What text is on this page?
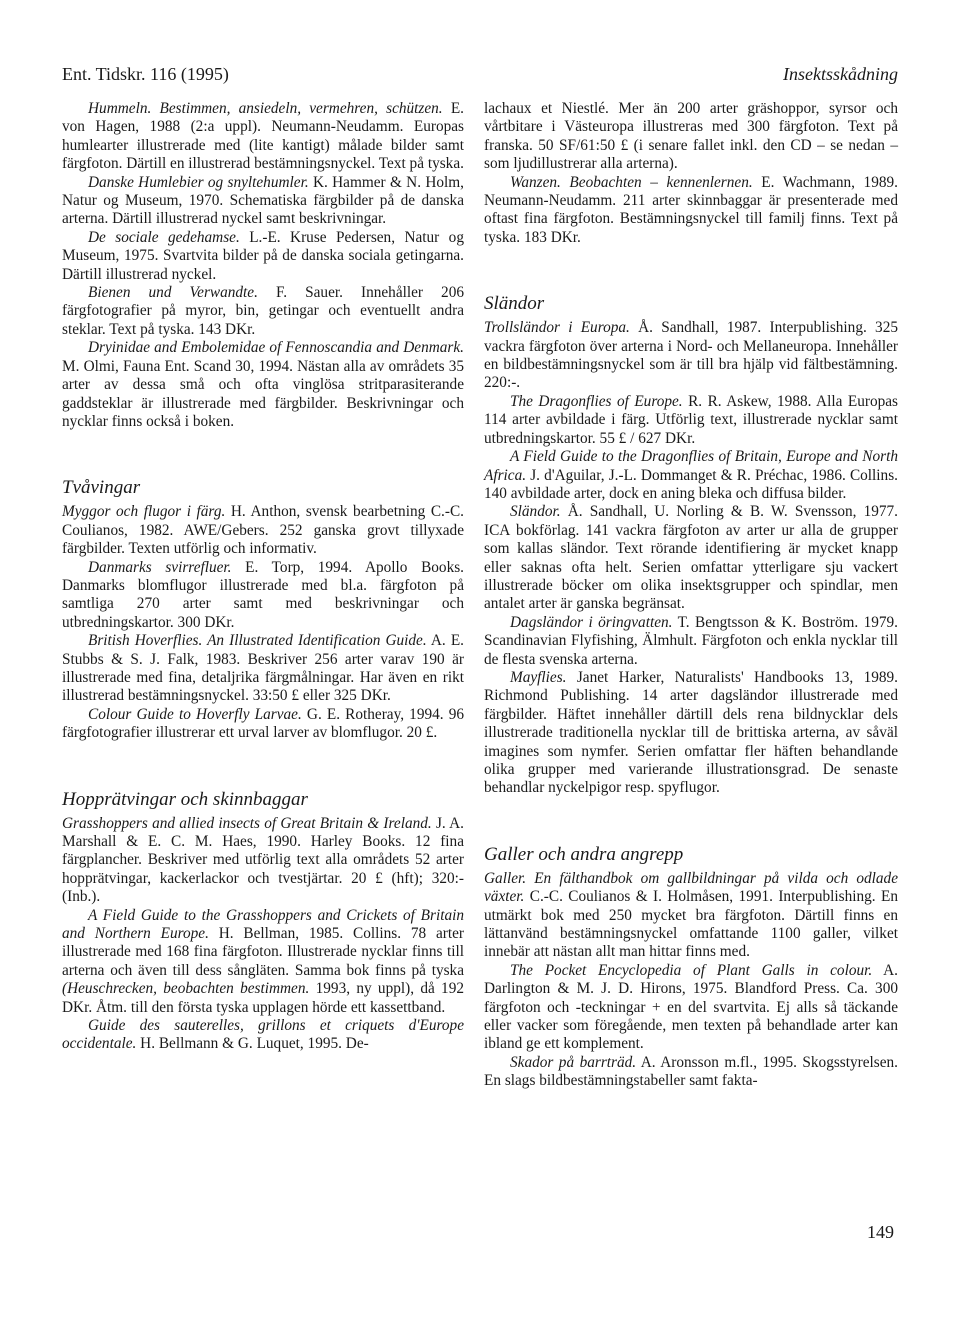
Ent. Tidskr. 116 (1995)	Insektsskådning

Hummeln. Bestimmen, ansiedeln, vermehren, schützen. E. von Hagen, 1988 (2:a uppl). Neumann-Neudamm. Europas humlearter illustrerade med (lite kantigt) målade bilder samt färgfoton. Därtill en illustrerad bestämningsnyckel. Text på tyska.

Danske Humlebier og snyltehumler. K. Hammer & N. Holm, Natur og Museum, 1970. Schematiska färgbilder på de danska arterna. Därtill illustrerad nyckel samt beskrivningar.

De sociale gedehamse. L.-E. Kruse Pedersen, Natur og Museum, 1975. Svartvita bilder på de danska sociala getingarna. Därtill illustrerad nyckel.

Bienen und Verwandte. F. Sauer. Innehåller 206 färgfotografier på myror, bin, getingar och eventuellt andra steklar. Text på tyska. 143 DKr.

Dryinidae and Embolemidae of Fennoscandia and Denmark. M. Olmi, Fauna Ent. Scand 30, 1994. Nästan alla av områdets 35 arter av dessa små och ofta vinglösa stritparasiterande gaddsteklar är illustrerade med färgbilder. Beskrivningar och nycklar finns också i boken.

Tvåvingar

Myggor och flugor i färg. H. Anthon, svensk bearbetning C.-C. Coulianos, 1982. AWE/Gebers. 252 ganska grovt tillyxade färgbilder. Texten utförlig och informativ.

Danmarks svirrefluer. E. Torp, 1994. Apollo Books. Danmarks blomflugor illustrerade med bl.a. färgfoton på samtliga 270 arter samt med beskrivningar och utbredningskartor. 300 DKr.

British Hoverflies. An Illustrated Identification Guide. A. E. Stubbs & S. J. Falk, 1983. Beskriver 256 arter varav 190 är illustrerade med fina, detaljrika färgmålningar. Har även en rikt illustrerad bestämningsnyckel. 33:50 £ eller 325 DKr.

Colour Guide to Hoverfly Larvae. G. E. Rotheray, 1994. 96 färgfotografier illustrerar ett urval larver av blomflugor. 20 £.

Hopprätvingar och skinnbaggar

Grasshoppers and allied insects of Great Britain & Ireland. J. A. Marshall & E. C. M. Haes, 1990. Harley Books. 12 fina färgplancher. Beskriver med utförlig text alla områdets 52 arter hopprätvingar, kackerlackor och tvestjärtar. 20 £ (hft); 320:- (Inb.).

A Field Guide to the Grasshoppers and Crickets of Britain and Northern Europe. H. Bellman, 1985. Collins. 78 arter illustrerade med 168 fina färgfoton. Illustrerade nycklar finns till arterna och även till dess sångläten. Samma bok finns på tyska (Heuschrecken, beobachten bestimmen. 1993, ny uppl), då 192 DKr. Åtm. till den första tyska upplagen hörde ett kassettband.

Guide des sauterelles, grillons et criquets d'Europe occidentale. H. Bellmann & G. Luquet, 1995. De-

lachaux et Niestlé. Mer än 200 arter gräshoppor, syrsor och vårtbitare i Västeuropa illustreras med 300 färgfoton. Text på franska. 50 SF/61:50 £ (i senare fallet inkl. den CD – se nedan – som ljudillustrerar alla arterna).

Wanzen. Beobachten – kennenlernen. E. Wachmann, 1989. Neumann-Neudamm. 211 arter skinnbaggar är presenterade med oftast fina färgfoton. Bestämningsnyckel till familj finns. Text på tyska. 183 DKr.

Sländor

Trollsländor i Europa. Å. Sandhall, 1987. Interpublishing. 325 vackra färgfoton över arterna i Nord- och Mellaneuropa. Innehåller en bildbestämningsnyckel som är till bra hjälp vid fältbestämning. 220:-.

The Dragonflies of Europe. R. R. Askew, 1988. Alla Europas 114 arter avbildade i färg. Utförlig text, illustrerade nycklar samt utbredningskartor. 55 £ / 627 DKr.

A Field Guide to the Dragonflies of Britain, Europe and North Africa. J. d'Aguilar, J.-L. Dommanget & R. Préchac, 1986. Collins. 140 avbildade arter, dock en aning bleka och diffusa bilder.

Sländor. Å. Sandhall, U. Norling & B. W. Svensson, 1977. ICA bokförlag. 141 vackra färgfoton av arter ur alla de grupper som kallas sländor. Text rörande identifiering är mycket knapp eller saknas ofta helt. Serien omfattar ytterligare sju vackert illustrerade böcker om olika insektsgrupper och spindlar, men antalet arter är ganska begränsat.

Dagsländor i öringvatten. T. Bengtsson & K. Boström. 1979. Scandinavian Flyfishing, Älmhult. Färgfoton och enkla nycklar till de flesta svenska arterna.

Mayflies. Janet Harker, Naturalists' Handbooks 13, 1989. Richmond Publishing. 14 arter dagsländor illustrerade med färgbilder. Häftet innehåller därtill dels rena bildnycklar dels illustrerade traditionella nycklar till de brittiska arterna, av såväl imagines som nymfer. Serien omfattar fler häften behandlande olika grupper med varierande illustrationsgrad. De senaste behandlar nyckelpigor resp. spyflugor.

Galler och andra angrepp

Galler. En fälthandbok om gallbildningar på vilda och odlade växter. C.-C. Coulianos & I. Holmåsen, 1991. Interpublishing. En utmärkt bok med 250 mycket bra färgfoton. Därtill finns en lättanvänd bestämningsnyckel omfattande 1100 galler, vilket innebär att nästan allt man hittar finns med.

The Pocket Encyclopedia of Plant Galls in colour. A. Darlington & M. J. D. Hirons, 1975. Blandford Press. Ca. 300 färgfoton och -teckningar + en del svartvita. Ej alls så täckande eller vacker som föregående, men texten på behandlade arter kan ibland ge ett komplement.

Skador på barrträd. A. Aronsson m.fl., 1995. Skogsstyrelsen. En slags bildbestämningstabeller samt fakta-

149
